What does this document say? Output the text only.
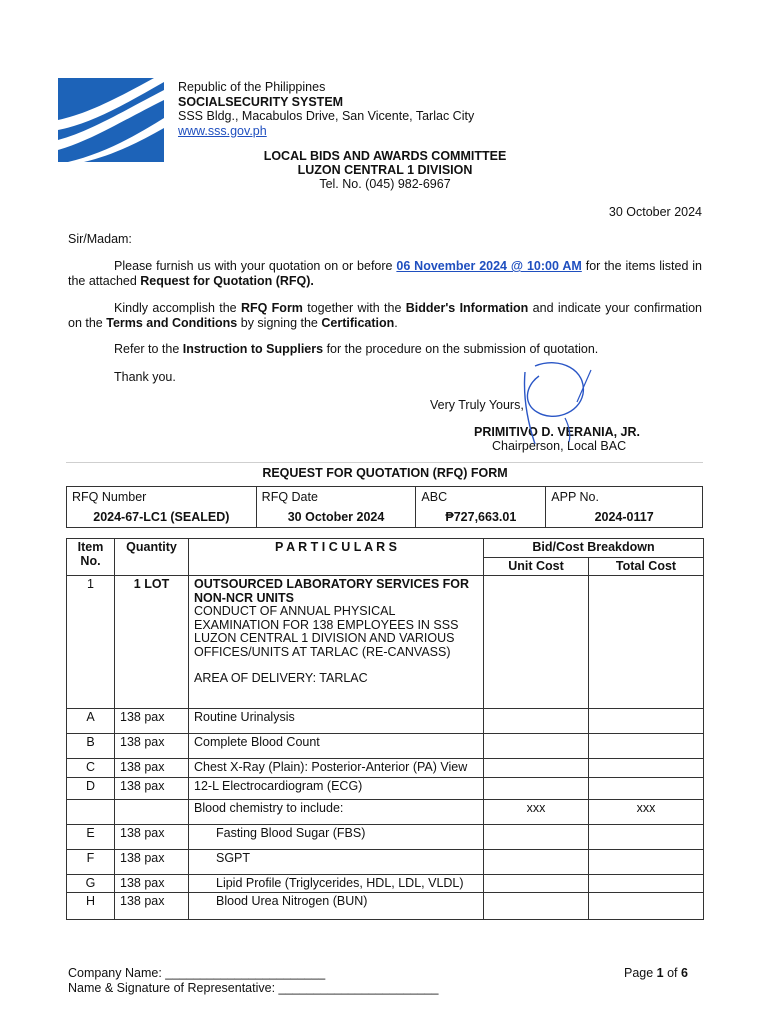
Republic of the Philippines
SOCIALSECURITY SYSTEM
SSS Bldg., Macabulos Drive, San Vicente, Tarlac City
www.sss.gov.ph
LOCAL BIDS AND AWARDS COMMITTEE
LUZON CENTRAL 1 DIVISION
Tel. No. (045) 982-6967
30 October 2024
Sir/Madam:
Please furnish us with your quotation on or before 06 November 2024 @ 10:00 AM for the items listed in the attached Request for Quotation (RFQ).
Kindly accomplish the RFQ Form together with the Bidder's Information and indicate your confirmation on the Terms and Conditions by signing the Certification.
Refer to the Instruction to Suppliers for the procedure on the submission of quotation.
Thank you.
Very Truly Yours,
PRIMITIVO D. VERANIA, JR.
Chairperson, Local BAC
REQUEST FOR QUOTATION (RFQ) FORM
RFQ Number	RFQ Date	ABC	APP No.
2024-67-LC1 (SEALED)	30 October 2024	₱727,663.01	2024-0117
Item No.	Quantity	P A R T I C U L A R S	Bid/Cost Breakdown	
			Unit Cost	Total Cost
1	1 LOT	OUTSOURCED LABORATORY SERVICES FOR NON-NCR UNITS
CONDUCT OF ANNUAL PHYSICAL EXAMINATION FOR 138 EMPLOYEES IN SSS LUZON CENTRAL 1 DIVISION AND VARIOUS OFFICES/UNITS AT TARLAC (RE-CANVASS)
AREA OF DELIVERY: TARLAC		

A	138 pax	Routine Urinalysis		
B	138 pax	Complete Blood Count		
C	138 pax	Chest X-Ray (Plain): Posterior-Anterior (PA) View		
D	138 pax	12-L Electrocardiogram (ECG)		
		Blood chemistry to include:	xxx	xxx
E	138 pax	Fasting Blood Sugar (FBS)		
F	138 pax	SGPT		
G	138 pax	Lipid Profile (Triglycerides, HDL, LDL, VLDL)		
H	138 pax	Blood Urea Nitrogen (BUN)		
Company Name: _______________________
Name & Signature of Representative: _______________________
Page 1 of 6
